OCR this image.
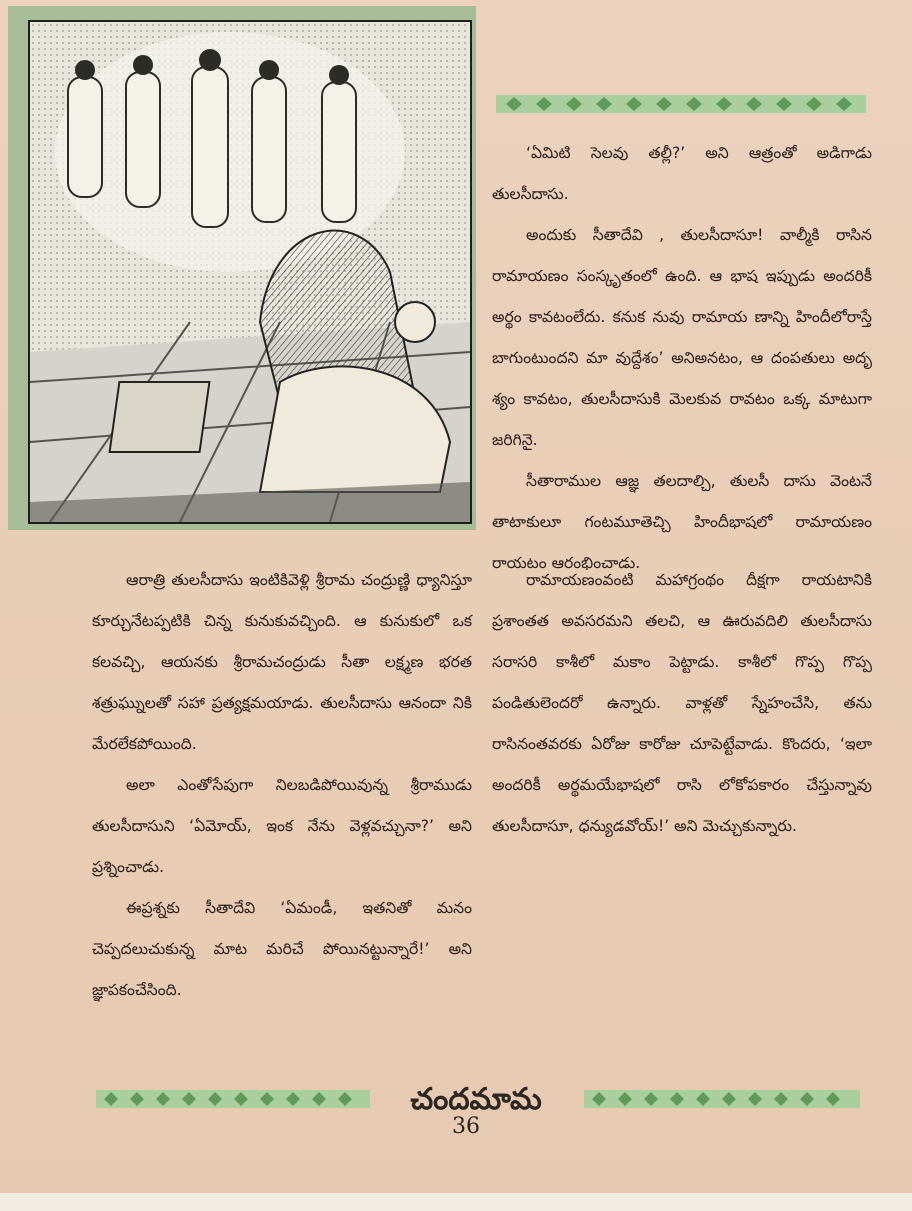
‘ఏమిటి సెలవు తల్లీ?’ అని ఆత్రంతో అడిగాడు తులసీదాసు.

అందుకు సీతాదేవి , తులసీదాసూ! వాల్మీకి రాసిన రామాయణం సంస్కృతంలో ఉంది. ఆ భాష ఇప్పుడు అందరికీ అర్థం కావటంలేదు. కనుక నువు రామాయ ణాన్ని హిందీలోరాస్తే బాగుంటుందని మా వుద్దేశం’ అనిఅనటం, ఆ దంపతులు అదృ శ్యం కావటం, తులసీదాసుకి మెలకువ రావటం ఒక్క మాటుగా జరిగినై.

సీతారాముల ఆజ్ఞ తలదాల్చి, తులసీ దాసు వెంటనే తాటాకులూ గంటమూతెచ్చి హిందీభాషలో రామాయణం రాయటం ఆరంభించాడు.

ఆరాత్రి తులసీదాసు ఇంటికివెళ్లి శ్రీరామ చంద్రుణ్ణి ధ్యానిస్తూ కూర్చునేటప్పటికి చిన్న కునుకువచ్చింది. ఆ కునుకులో ఒక కలవచ్చి, ఆయనకు శ్రీరామచంద్రుడు సీతా లక్ష్మణ భరత శత్రుఘ్నులతో సహా ప్రత్యక్షమయాడు. తులసీదాసు ఆనందా నికి మేరలేకపోయింది.

అలా ఎంతోసేపుగా నిలబడిపోయివున్న శ్రీరాముడు తులసీదాసుని ‘ఏమోయ్, ఇంక నేను వెళ్లవచ్చునా?’ అని ప్రశ్నించాడు.

ఈప్రశ్నకు సీతాదేవి ‘ఏమండీ, ఇతనితో మనం చెప్పదలుచుకున్న మాట మరిచే పోయినట్టున్నారే!’ అని జ్ఞాపకంచేసింది.

రామాయణంవంటి మహాగ్రంథం దీక్షగా రాయటానికి ప్రశాంతత అవసరమని తలచి, ఆ ఊరువదిలి తులసీదాసు సరాసరి కాశీలో మకాం పెట్టాడు. కాశీలో గొప్ప గొప్ప పండితులెందరో ఉన్నారు. వాళ్లతో స్నేహంచేసి, తను రాసినంతవరకు ఏరోజు కారోజు చూపెట్టేవాడు. కొందరు, ‘ఇలా అందరికీ అర్థమయేభాషలో రాసి లోకోపకారం చేస్తున్నావు తులసీదాసూ, ధన్యుడవోయ్!’ అని మెచ్చుకున్నారు.

చందమామ
36
